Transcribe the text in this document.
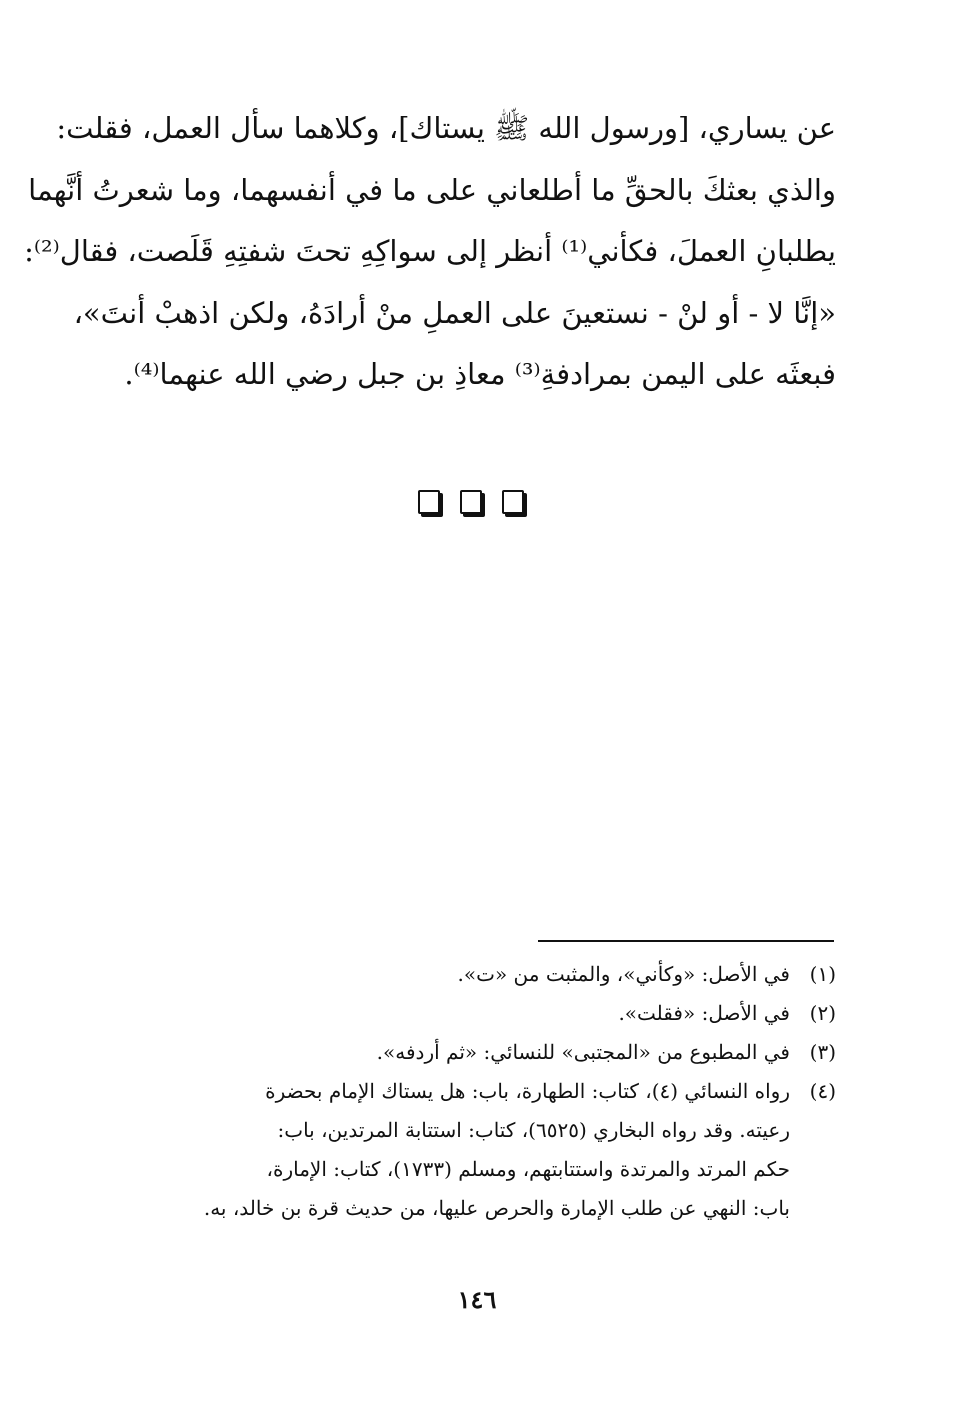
عن يساري، [ورسول الله ﷺ يستاك]، وكلاهما سأل العمل، فقلت:
والذي بعثكَ بالحقِّ ما أطلعاني على ما في أنفسهما، وما شعرتُ أنَّهما
يطلبانِ العملَ، فكأني⁽¹⁾ أنظر إلى سواكِهِ تحتَ شفتِهِ قَلَصت، فقال⁽²⁾:
«إنَّا لا - أو لنْ - نستعينَ على العملِ منْ أرادَهُ، ولكن اذهبْ أنتَ»،
فبعثَه على اليمن بمرادفةِ⁽³⁾ معاذِ بن جبل رضي الله عنهما⁽⁴⁾.
(١)
في الأصل: «وكأني»، والمثبت من «ت».
(٢)
في الأصل: «فقلت».
(٣)
في المطبوع من «المجتبى» للنسائي: «ثم أردفه».
(٤)
رواه النسائي (٤)، كتاب: الطهارة، باب: هل يستاك الإمام بحضرة
رعيته. وقد رواه البخاري (٦٥٢٥)، كتاب: استتابة المرتدين، باب:
حكم المرتد والمرتدة واستتابتهم، ومسلم (١٧٣٣)، كتاب: الإمارة،
باب: النهي عن طلب الإمارة والحرص عليها، من حديث قرة بن خالد، به.
١٤٦
